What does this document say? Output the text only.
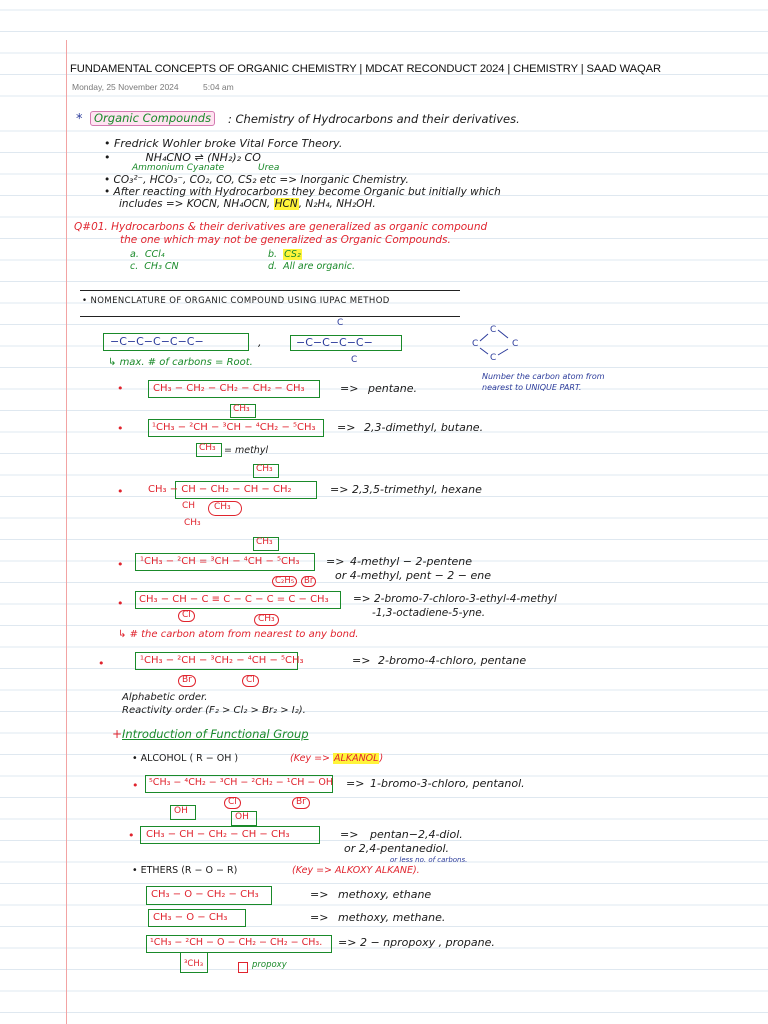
FUNDAMENTAL CONCEPTS OF ORGANIC CHEMISTRY | MDCAT RECONDUCT 2024 | CHEMISTRY | SAAD WAQAR
Monday, 25 November 2024	5:04 am
*	Organic Compounds	: Chemistry of Hydrocarbons and their derivatives.
• Fredrick Wohler broke Vital Force Theory.
•          NH₄CNO ⇌ (NH₂)₂ CO
Ammonium Cyanate	Urea
• CO₃²⁻, HCO₃⁻, CO₂, CO, CS₂ etc => Inorganic Chemistry.
• After reacting with Hydrocarbons they become Organic but initially which
includes => KOCN, NH₄OCN, HCN, N₂H₄, NH₂OH.
Q#01. Hydrocarbons & their derivatives are generalized as organic compound
the one which may not be generalized as Organic Compounds.
a. CCl₄	b. CS₂
c. CH₃ CN	d. All are organic.
• NOMENCLATURE OF ORGANIC COMPOUND USING IUPAC METHOD
−C−C−C−C−C−	,	−C−C−C−C−
C
C
C
C	C
C
↳ max. # of carbons = Root.
Number the carbon atom from nearest to UNIQUE PART.
•	CH₃ − CH₂ − CH₂ − CH₂ − CH₃	=> pentane.
CH₃
•	¹CH₃ − ²CH − ³CH − ⁴CH₂ − ⁵CH₃ => 2,3-dimethyl, butane.
CH₃ = methyl
CH₃
• CH₃ − CH − CH₂ − CH − CH₂	=> 2,3,5-trimethyl, hexane
CH CH₃
CH₃
CH₃
• ¹CH₃ − ²CH = ³CH − ⁴CH − ⁵CH₃ => 4-methyl − 2-pentene
or 4-methyl, pent − 2 − ene
C₂H₅	Br
• CH₃ − CH − C ≡ C − C − C = C − CH₃ => 2-bromo-7-chloro-3-ethyl-4-methyl
-1,3-octadiene-5-yne.
Cl	CH₃
↳ # the carbon atom from nearest to any bond.
•	¹CH₃ − ²CH − ³CH₂ − ⁴CH − ⁵CH₃	=> 2-bromo-4-chloro, pentane
Br	Cl
Alphabetic order.
Reactivity order (F₂ > Cl₂ > Br₂ > I₂).
+ Introduction of Functional Group
• ALCOHOL ( R − OH )	(Key => ALKANOL)
• ⁵CH₃ − ⁴CH₂ − ³CH − ²CH₂ − ¹CH − OH => 1-bromo-3-chloro, pentanol.
Cl	Br
OH
OH
• CH₃ − CH − CH₂ − CH − CH₃	=> pentan−2,4-diol.
or 2,4-pentanediol.
or less no. of carbons.
• ETHERS (R − O − R)	(Key => ALKOXY ALKANE).
CH₃ − O − CH₂ − CH₃	=> methoxy, ethane
CH₃ − O − CH₃	=> methoxy, methane.
¹CH₃ − ²CH − O − CH₂ − CH₂ − CH₃. => 2 − npropoxy , propane.
³CH₃	propoxy
